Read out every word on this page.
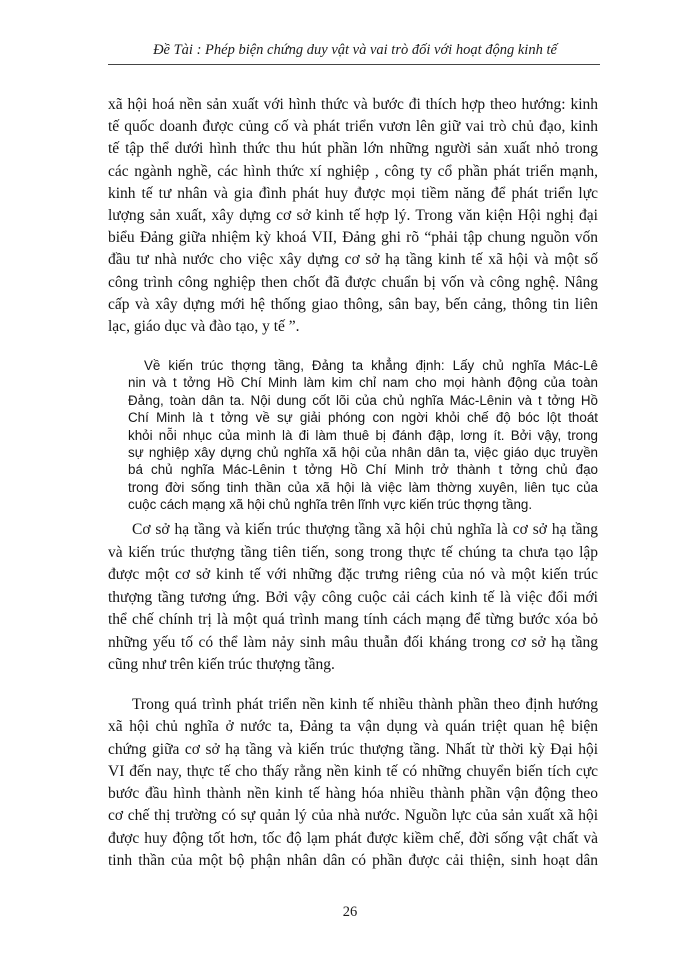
Đề Tài : Phép biện chứng duy vật và vai trò đối với hoạt động kinh tế
xã hội hoá nền sản xuất với hình thức và bước đi thích hợp theo hướng: kinh
tế quốc doanh được củng cố và phát triển vươn lên giữ vai trò chủ đạo, kinh
tế tập thể dưới hình thức thu hút phần lớn những người sản xuất nhỏ trong
các ngành nghề, các hình thức xí nghiệp , công ty cổ phần phát triển mạnh,
kinh tế tư nhân và gia đình phát huy được mọi tiềm năng để phát triển lực
lượng sản xuất, xây dựng cơ sở kinh tế hợp lý. Trong văn kiện Hội nghị đại
biểu Đảng giữa nhiệm kỳ khoá VII, Đảng ghi rõ “phải tập chung nguồn vốn
đầu tư nhà nước cho việc xây dựng cơ sở hạ tầng kinh tế xã hội và một số
công trình công nghiệp then chốt đã được chuẩn bị vốn và công nghệ. Nâng
cấp và xây dựng mới hệ thống giao thông, sân bay, bến cảng, thông tin liên
lạc, giáo dục và đào tạo, y tế ”.
Về kiến trúc thợng tầng, Đảng ta khẳng định: Lấy chủ nghĩa Mác-Lê
nin và t tởng Hồ Chí Minh làm kim chỉ nam cho mọi hành động của toàn
Đảng, toàn dân ta. Nội dung cốt lõi của chủ nghĩa Mác-Lênin và t tởng Hồ
Chí Minh là t tởng về sự giải phóng con ngời khỏi chế độ bóc lột thoát
khỏi nỗi nhục của mình là đi làm thuê bị đánh đập, lơng ít. Bởi vậy, trong
sự nghiệp xây dựng chủ nghĩa xã hội của nhân dân ta, việc giáo dục truyền
bá chủ nghĩa Mác-Lênin t tởng Hồ Chí Minh trở thành t tởng chủ đạo
trong đời sống tinh thần của xã hội là việc làm thờng xuyên, liên tục của
cuộc cách mạng xã hội chủ nghĩa trên lĩnh vực kiến trúc thợng tầng.
Cơ sở hạ tầng và kiến trúc thượng tầng xã hội chủ nghĩa là cơ sở hạ tầng
và kiến trúc thượng tầng tiên tiến, song trong thực tế chúng ta chưa tạo lập
được một cơ sở kinh tế với những đặc trưng riêng của nó và một kiến trúc
thượng tầng tương ứng. Bởi vậy công cuộc cải cách kinh tế là việc đổi mới
thể chế chính trị là một quá trình mang tính cách mạng để từng bước xóa bỏ
những yếu tố có thể làm nảy sinh mâu thuẫn đối kháng trong cơ sở hạ tầng
cũng như trên kiến trúc thượng tầng.
Trong quá trình phát triển nền kinh tế nhiều thành phần theo định hướng
xã hội chủ nghĩa ở nước ta, Đảng ta vận dụng và quán triệt quan hệ biện
chứng giữa cơ sở hạ tầng và kiến trúc thượng tầng. Nhất từ thời kỳ Đại hội
VI đến nay, thực tế cho thấy rằng nền kinh tế có những chuyển biến tích cực
bước đầu hình thành nền kinh tế hàng hóa nhiều thành phần vận động theo
cơ chế thị trường có sự quản lý của nhà nước. Nguồn lực của sản xuất xã hội
được huy động tốt hơn, tốc độ lạm phát được kiềm chế, đời sống vật chất và
tinh thần của một bộ phận nhân dân có phần được cải thiện, sinh hoạt dân
26
